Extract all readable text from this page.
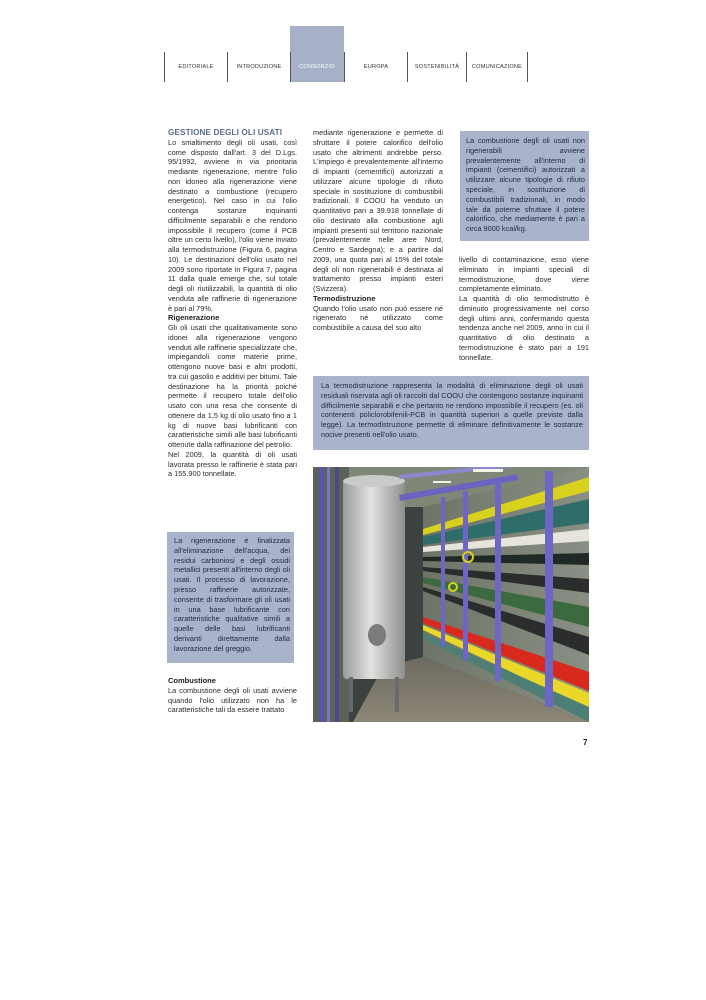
EDITORIALE	INTRODUZIONE	CONSORZIO	EUROPA	SOSTENIBILITÀ COMUNICAZIONE

GESTIONE DEGLI OLI USATI

Lo smaltimento degli oli usati, così come disposto dall'art. 3 del D.Lgs. 95/1992, avviene in via prioritaria mediante rigenerazione, mentre l'olio non idoneo alla rigenerazione viene destinato a combustione (recupero energetico). Nel caso in cui l'olio contenga sostanze inquinanti difficilmente separabili e che rendono impossibile il recupero (come il PCB oltre un certo livello), l'olio viene inviato alla termodistruzione (Figura 6, pagina 10). Le destinazioni dell'olio usato nel 2009 sono riportate in Figura 7, pagina 11 dalla quale emerge che, sul totale degli oli riutilizzabili, la quantità di olio venduta alle raffinerie di rigenerazione è pari al 79%.

Rigenerazione

Gli oli usati che qualitativamente sono idonei alla rigenerazione vengono venduti alle raffinerie specializzate che, impiegandoli come materie prime, ottengono nuove basi e altri prodotti, tra cui gasolio e additivi per bitumi. Tale destinazione ha la priorità poiché permette il recupero totale dell'olio usato con una resa che consente di ottenere da 1,5 kg di olio usato fino a 1 kg di nuove basi lubrificanti con caratteristiche simili alle basi lubrificanti ottenute dalla raffinazione del petrolio.

Nel 2009, la quantità di oli usati lavorata presso le raffinerie è stata pari a 155.900 tonnellate.

La rigenerazione è finalizzata all'eliminazione dell'acqua, dei residui carboniosi e degli ossidi metallici presenti all'interno degli oli usati. Il processo di lavorazione, presso raffinerie autorizzate, consente di trasformare gli oli usati in una base lubrificante con caratteristiche qualitative simili a quelle delle basi lubrificanti derivanti direttamente dalla lavorazione del greggio.

Combustione

La combustione degli oli usati avviene quando l'olio utilizzato non ha le caratteristiche tali da essere trattato

mediante rigenerazione e permette di sfruttare il potere calorifico dell'olio usato che altrimenti andrebbe perso. L'impiego è prevalentemente all'interno di impianti (cementifici) autorizzati a utilizzare alcune tipologie di rifiuto speciale in sostituzione di combustibili tradizionali. Il COOU ha venduto un quantitativo pari a 39.918 tonnellate di olio destinato alla combustione agli impianti presenti sul territorio nazionale (prevalentemente nelle aree Nord, Centro e Sardegna); e a partire dal 2009, una quota pari al 15% del totale degli oli non rigenerabili è destinata al trattamento presso impianti esteri (Svizzera).

Termodistruzione

Quando l'olio usato non può essere né rigenerato né utilizzato come combustibile a causa del suo alto

La combustione degli oli usati non rigenerabili avviene prevalentemente all'interno di impianti (cementifici) autorizzati a utilizzare alcune tipologie di rifiuto speciale, in sostituzione di combustibili tradizionali, in modo tale da poterne sfruttare il potere calorifico, che mediamente è pari a circa 9000 kcal/kg.

livello di contaminazione, esso viene eliminato in impianti speciali di termodistruzione, dove viene completamente eliminato.

La quantità di olio termodistrutto è diminuito progressivamente nel corso degli ultimi anni, confermando questa tendenza anche nel 2009, anno in cui il quantitativo di olio destinato a termodistruzione è stato pari a 191 tonnellate.

La termodistruzione rappresenta la modalità di eliminazione degli oli usati residuali riservata agli oli raccolti dal COOU che contengono sostanze inquinanti difficilmente separabili e che pertanto ne rendono impossibile il recupero (es. oli contenenti policlorobifenili-PCB in quantità superiori a quelle previste dalla legge). La termodistruzione permette di eliminare definitivamente le sostanze nocive presenti nell'olio usato.

7
